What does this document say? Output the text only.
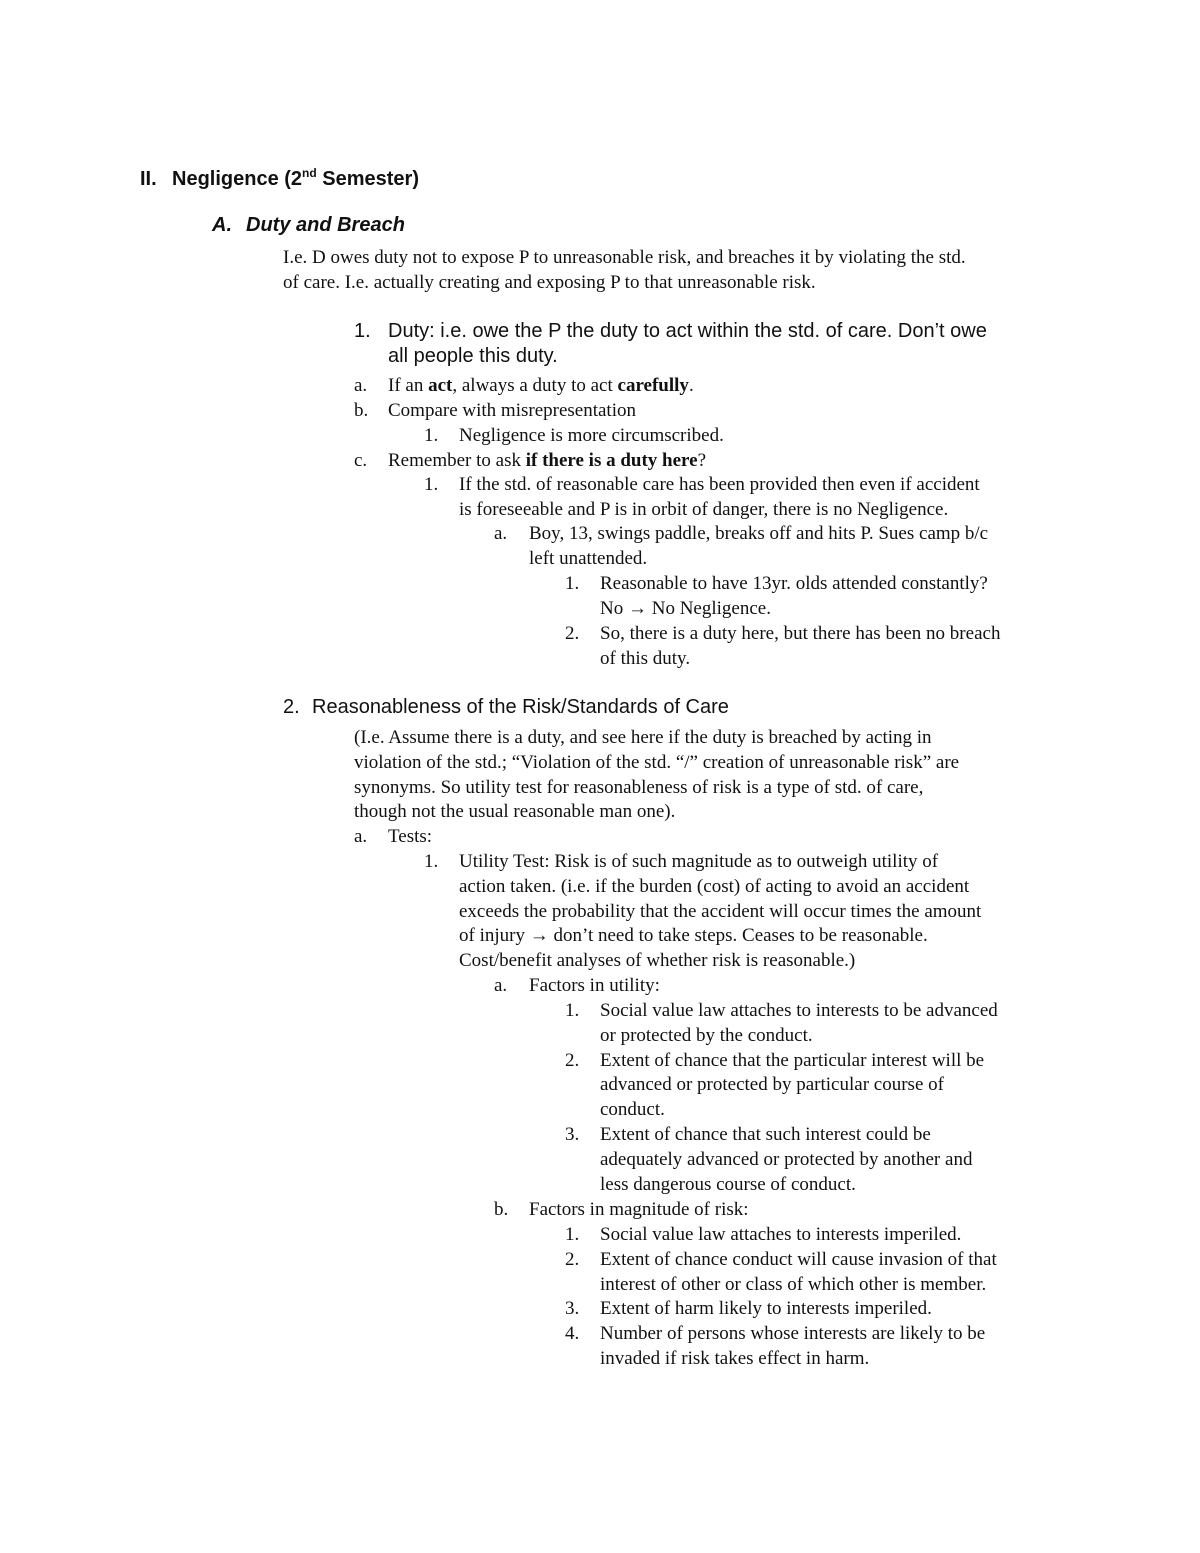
II. Negligence (2nd Semester)
A. Duty and Breach
I.e. D owes duty not to expose P to unreasonable risk, and breaches it by violating the std.
of care. I.e. actually creating and exposing P to that unreasonable risk.
1. Duty: i.e. owe the P the duty to act within the std. of care. Don’t owe
all people this duty.
a. If an act, always a duty to act carefully.
b. Compare with misrepresentation
1. Negligence is more circumscribed.
c. Remember to ask if there is a duty here?
1. If the std. of reasonable care has been provided then even if accident
is foreseeable and P is in orbit of danger, there is no Negligence.
a. Boy, 13, swings paddle, breaks off and hits P. Sues camp b/c
left unattended.
1. Reasonable to have 13yr. olds attended constantly?
No → No Negligence.
2. So, there is a duty here, but there has been no breach
of this duty.
2. Reasonableness of the Risk/Standards of Care
(I.e. Assume there is a duty, and see here if the duty is breached by acting in
violation of the std.; “Violation of the std. “/” creation of unreasonable risk” are
synonyms. So utility test for reasonableness of risk is a type of std. of care,
though not the usual reasonable man one).
a. Tests:
1. Utility Test: Risk is of such magnitude as to outweigh utility of
action taken. (i.e. if the burden (cost) of acting to avoid an accident
exceeds the probability that the accident will occur times the amount
of injury → don’t need to take steps. Ceases to be reasonable.
Cost/benefit analyses of whether risk is reasonable.)
a. Factors in utility:
1. Social value law attaches to interests to be advanced
or protected by the conduct.
2. Extent of chance that the particular interest will be
advanced or protected by particular course of
conduct.
3. Extent of chance that such interest could be
adequately advanced or protected by another and
less dangerous course of conduct.
b. Factors in magnitude of risk:
1. Social value law attaches to interests imperiled.
2. Extent of chance conduct will cause invasion of that
interest of other or class of which other is member.
3. Extent of harm likely to interests imperiled.
4. Number of persons whose interests are likely to be
invaded if risk takes effect in harm.
